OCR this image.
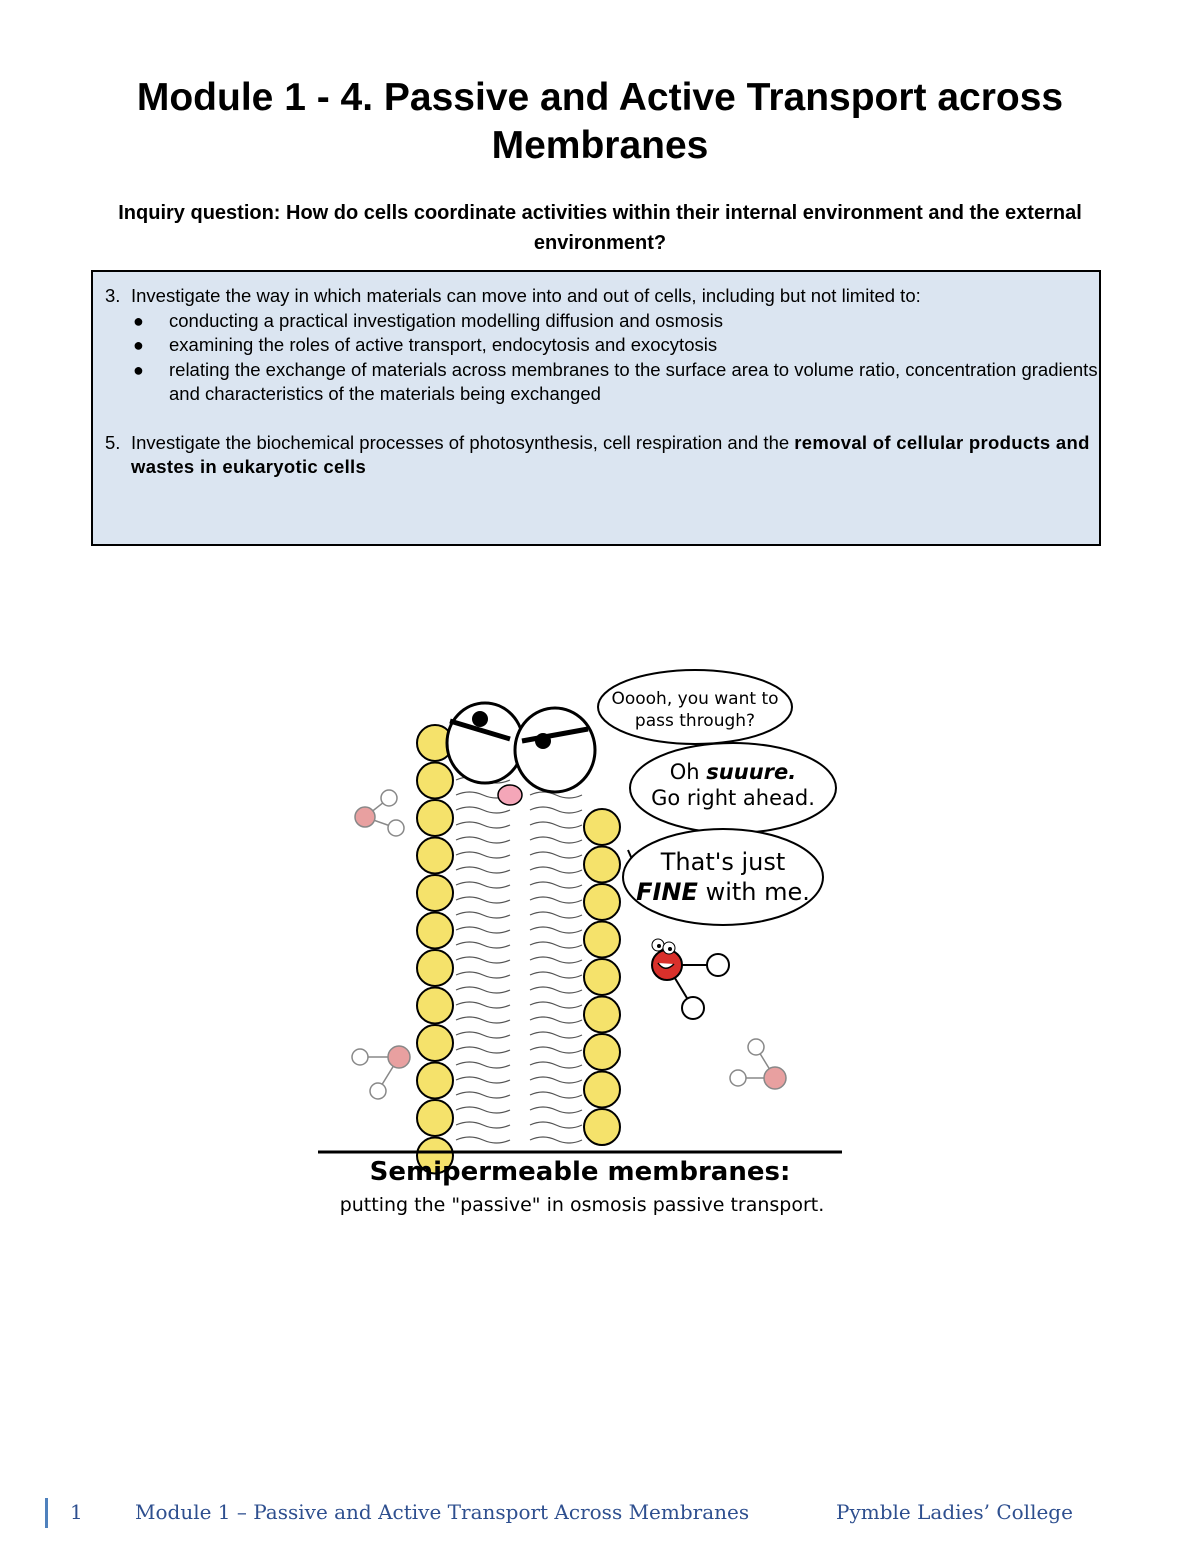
Module 1 - 4. Passive and Active Transport across Membranes
Inquiry question: How do cells coordinate activities within their internal environment and the external environment?
3. Investigate the way in which materials can move into and out of cells, including but not limited to:
● conducting a practical investigation modelling diffusion and osmosis
● examining the roles of active transport, endocytosis and exocytosis
● relating the exchange of materials across membranes to the surface area to volume ratio, concentration gradients and characteristics of the materials being exchanged
5. Investigate the biochemical processes of photosynthesis, cell respiration and the removal of cellular products and wastes in eukaryotic cells
Ooooh, you want to
pass through?
Oh suuure.
Go right ahead.
That's just
FINE with me.
Semipermeable membranes:
putting the "passive" in osmosis passive transport.
1	Module 1 – Passive and Active Transport Across Membranes	Pymble Ladies’ College
